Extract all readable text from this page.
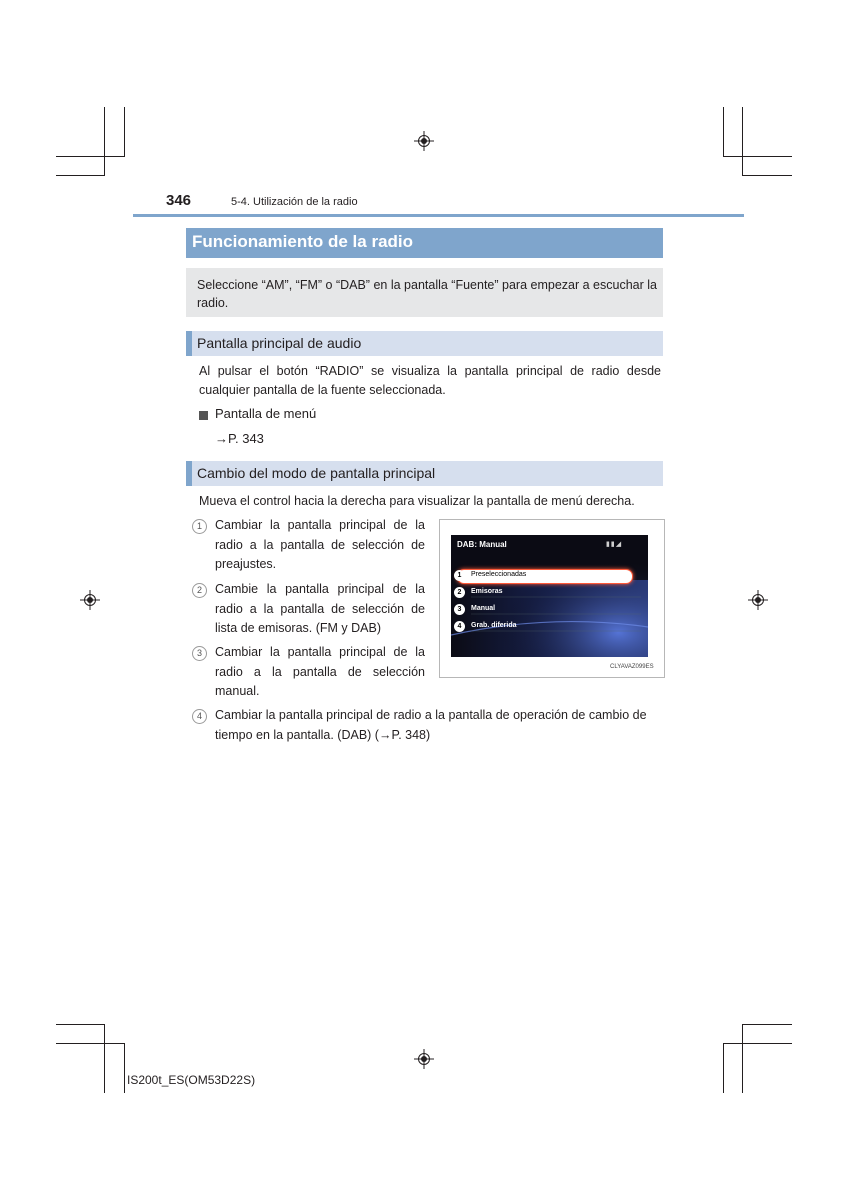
346	5-4. Utilización de la radio
Funcionamiento de la radio

Seleccione “AM”, “FM” o “DAB” en la pantalla “Fuente” para empezar a escuchar la radio.

Pantalla principal de audio

Al pulsar el botón “RADIO” se visualiza la pantalla principal de radio desde cualquier pantalla de la fuente seleccionada.

Pantalla de menú
→P. 343
Cambio del modo de pantalla principal

Mueva el control hacia la derecha para visualizar la pantalla de menú derecha.

1	Cambiar la pantalla principal de la radio a la pantalla de selección de preajustes.
2	Cambie la pantalla principal de la radio a la pantalla de selección de lista de emisoras. (FM y DAB)
3	Cambiar la pantalla principal de la radio a la pantalla de selección manual.
4	Cambiar la pantalla principal de radio a la pantalla de operación de cambio de tiempo en la pantalla. (DAB) (→P. 348)
DAB: Manual	▮▮◢
1	Preseleccionadas
2	Emisoras
3	Manual
4	Grab. diferida
CLYAVAZ099ES
IS200t_ES(OM53D22S)
